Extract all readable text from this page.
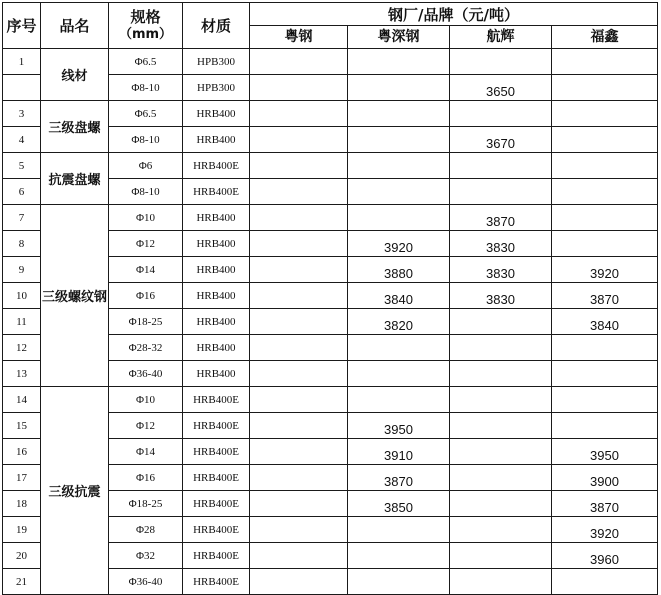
序号	品名	规格
（mm）	材质	钢厂/品牌（元/吨）			
				粤钢	粤深钢	航辉	福鑫
1	线材	Φ6.5	HPB300				
		Φ8-10	HPB300			3650	
3	三级盘螺	Φ6.5	HRB400				
4		Φ8-10	HRB400			3670	
5	抗震盘螺	Φ6	HRB400E				
6		Φ8-10	HRB400E				
7	三级螺纹钢	Φ10	HRB400			3870	
8		Φ12	HRB400		3920	3830	
9		Φ14	HRB400		3880	3830	3920
10		Φ16	HRB400		3840	3830	3870
11		Φ18-25	HRB400		3820		3840
12		Φ28-32	HRB400				
13		Φ36-40	HRB400				
14	三级抗震	Φ10	HRB400E				
15		Φ12	HRB400E		3950		
16		Φ14	HRB400E		3910		3950
17		Φ16	HRB400E		3870		3900
18		Φ18-25	HRB400E		3850		3870
19		Φ28	HRB400E				3920
20		Φ32	HRB400E				3960
21		Φ36-40	HRB400E				
